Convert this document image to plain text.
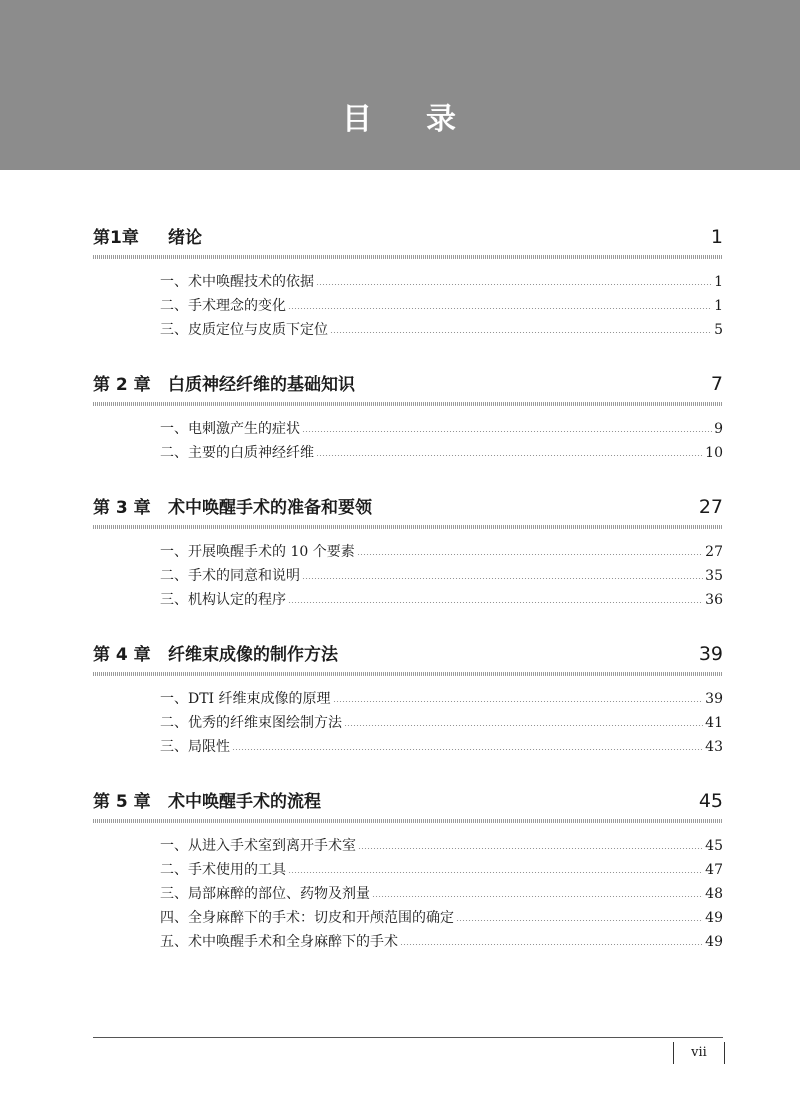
目 录
第1章	绪论	1
一、术中唤醒技术的依据	1
二、手术理念的变化	1
三、皮质定位与皮质下定位	5
第 2 章	白质神经纤维的基础知识	7
一、电刺激产生的症状	9
二、主要的白质神经纤维	10
第 3 章	术中唤醒手术的准备和要领	27
一、开展唤醒手术的 10 个要素	27
二、手术的同意和说明	35
三、机构认定的程序	36
第 4 章	纤维束成像的制作方法	39
一、DTI 纤维束成像的原理	39
二、优秀的纤维束图绘制方法	41
三、局限性	43
第 5 章	术中唤醒手术的流程	45
一、从进入手术室到离开手术室	45
二、手术使用的工具	47
三、局部麻醉的部位、药物及剂量	48
四、全身麻醉下的手术：切皮和开颅范围的确定	49
五、术中唤醒手术和全身麻醉下的手术	49
vii
